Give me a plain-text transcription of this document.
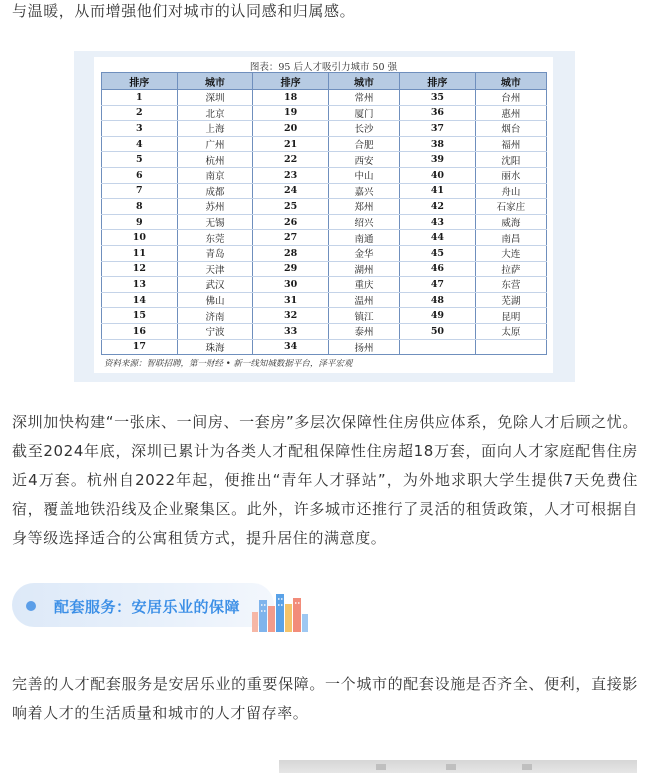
与温暖，从而增强他们对城市的认同感和归属感。

图表：95 后人才吸引力城市 50 强
排序	城市	排序	城市	排序	城市
1	深圳	18	常州	35	台州
2	北京	19	厦门	36	惠州
3	上海	20	长沙	37	烟台
4	广州	21	合肥	38	福州
5	杭州	22	西安	39	沈阳
6	南京	23	中山	40	丽水
7	成都	24	嘉兴	41	舟山
8	苏州	25	郑州	42	石家庄
9	无锡	26	绍兴	43	威海
10	东莞	27	南通	44	南昌
11	青岛	28	金华	45	大连
12	天津	29	湖州	46	拉萨
13	武汉	30	重庆	47	东营
14	佛山	31	温州	48	芜湖
15	济南	32	镇江	49	昆明
16	宁波	33	泰州	50	太原
17	珠海	34	扬州		
资料来源：智联招聘，第一财经 • 新一线知城数据平台，泽平宏观

深圳加快构建“一张床、一间房、一套房”多层次保障性住房供应体系，免除人才后顾之忧。截至2024年底，深圳已累计为各类人才配租保障性住房超18万套，面向人才家庭配售住房近4万套。杭州自2022年起，便推出“青年人才驿站”，为外地求职大学生提供7天免费住宿，覆盖地铁沿线及企业聚集区。此外，许多城市还推行了灵活的租赁政策，人才可根据自身等级选择适合的公寓租赁方式，提升居住的满意度。

配套服务：安居乐业的保障

完善的人才配套服务是安居乐业的重要保障。一个城市的配套设施是否齐全、便利，直接影响着人才的生活质量和城市的人才留存率。
